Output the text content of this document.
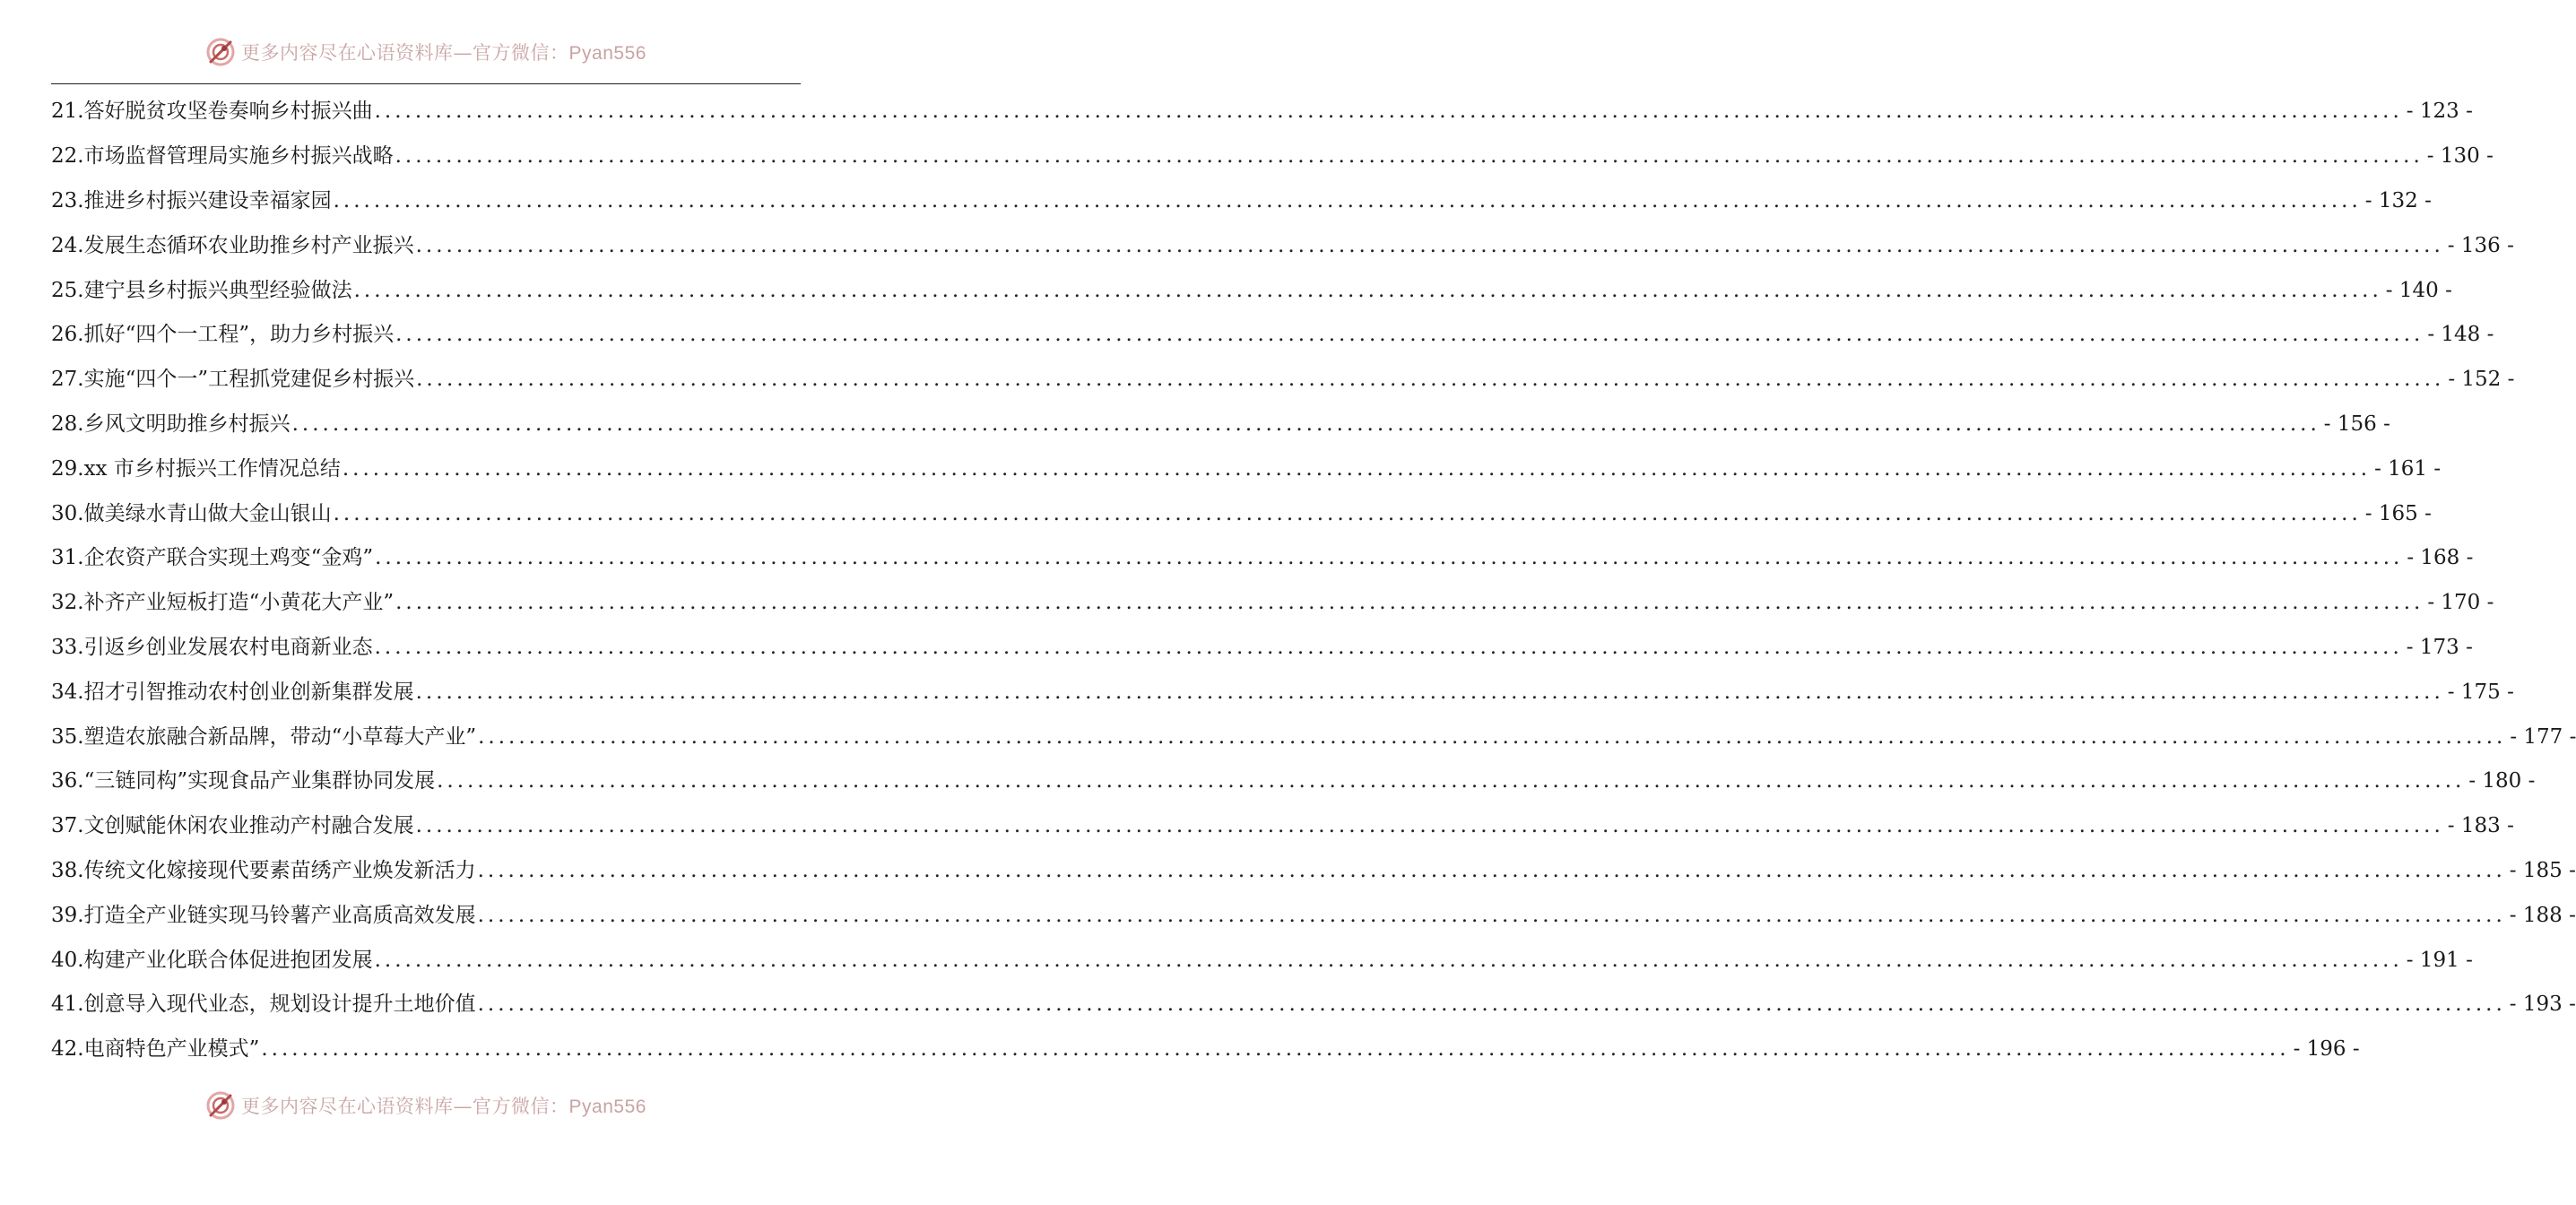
更多内容尽在心语资料库—官方微信：Pyan556
21.答好脱贫攻坚卷奏响乡村振兴曲 ........................................................................................................................................................................................................ - 123 -
22.市场监督管理局实施乡村振兴战略 ........................................................................................................................................................................................................ - 130 -
23.推进乡村振兴建设幸福家园 ........................................................................................................................................................................................................ - 132 -
24.发展生态循环农业助推乡村产业振兴 ........................................................................................................................................................................................................ - 136 -
25.建宁县乡村振兴典型经验做法 ........................................................................................................................................................................................................ - 140 -
26.抓好“四个一工程”，助力乡村振兴 ........................................................................................................................................................................................................ - 148 -
27.实施“四个一”工程抓党建促乡村振兴 ........................................................................................................................................................................................................ - 152 -
28.乡风文明助推乡村振兴 ........................................................................................................................................................................................................ - 156 -
29.xx 市乡村振兴工作情况总结 ........................................................................................................................................................................................................ - 161 -
30.做美绿水青山做大金山银山 ........................................................................................................................................................................................................ - 165 -
31.企农资产联合实现土鸡变“金鸡” ........................................................................................................................................................................................................ - 168 -
32.补齐产业短板打造“小黄花大产业” ........................................................................................................................................................................................................ - 170 -
33.引返乡创业发展农村电商新业态 ........................................................................................................................................................................................................ - 173 -
34.招才引智推动农村创业创新集群发展 ........................................................................................................................................................................................................ - 175 -
35.塑造农旅融合新品牌，带动“小草莓大产业” ........................................................................................................................................................................................................ - 177 -
36.“三链同构”实现食品产业集群协同发展 ........................................................................................................................................................................................................ - 180 -
37.文创赋能休闲农业推动产村融合发展 ........................................................................................................................................................................................................ - 183 -
38.传统文化嫁接现代要素苗绣产业焕发新活力 ........................................................................................................................................................................................................ - 185 -
39.打造全产业链实现马铃薯产业高质高效发展 ........................................................................................................................................................................................................ - 188 -
40.构建产业化联合体促进抱团发展 ........................................................................................................................................................................................................ - 191 -
41.创意导入现代业态，规划设计提升土地价值 ........................................................................................................................................................................................................ - 193 -
42.电商特色产业模式” ........................................................................................................................................................................................................ - 196 -
更多内容尽在心语资料库—官方微信：Pyan556
